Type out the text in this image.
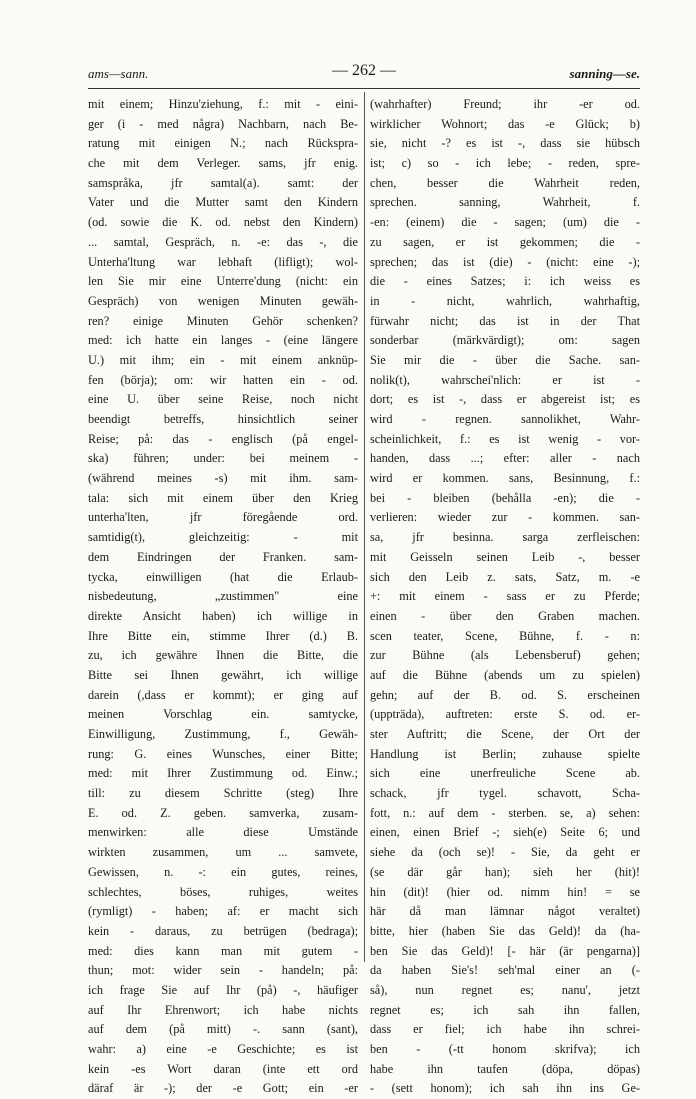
ams—sann.	— 262 —	sanning—se.
mit einem; Hinzu'ziehung, f.: mit - eini-
ger (i - med några) Nachbarn, nach Be-
ratung mit einigen N.; nach Rückspra-
che mit dem Verleger. sams, jfr enig.
samspråka, jfr samtal(a). samt: der
Vater und die Mutter samt den Kindern
(od. sowie die K. od. nebst den Kindern)
... samtal, Gespräch, n. -e: das -, die
Unterha'ltung war lebhaft (lifligt); wol-
len Sie mir eine Unterre'dung (nicht: ein
Gespräch) von wenigen Minuten gewäh-
ren? einige Minuten Gehör schenken?
med: ich hatte ein langes - (eine längere
U.) mit ihm; ein - mit einem anknüp-
fen (börja); om: wir hatten ein - od.
eine U. über seine Reise, noch nicht
beendigt betreffs, hinsichtlich seiner
Reise; på: das - englisch (på engel-
ska) führen; under: bei meinem -
(während meines -s) mit ihm. sam-
tala: sich mit einem über den Krieg
unterha'lten, jfr föregående ord.
samtidig(t), gleichzeitig: - mit
dem Eindringen der Franken. sam-
tycka, einwilligen (hat die Erlaub-
nisbedeutung, „zustimmen" eine
direkte Ansicht haben) ich willige in
Ihre Bitte ein, stimme Ihrer (d.) B.
zu, ich gewähre Ihnen die Bitte, die
Bitte sei Ihnen gewährt, ich willige
darein (,dass er kommt); er ging auf
meinen Vorschlag ein. samtycke,
Einwilligung, Zustimmung, f., Gewäh-
rung: G. eines Wunsches, einer Bitte;
med: mit Ihrer Zustimmung od. Einw.;
till: zu diesem Schritte (steg) Ihre
E. od. Z. geben. samverka, zusam-
menwirken: alle diese Umstände
wirkten zusammen, um ... samvete,
Gewissen, n. -: ein gutes, reines,
schlechtes, böses, ruhiges, weites
(rymligt) - haben; af: er macht sich
kein - daraus, zu betrügen (bedraga);
med: dies kann man mit gutem -
thun; mot: wider sein - handeln; på:
ich frage Sie auf Ihr (på) -, häufiger
auf Ihr Ehrenwort; ich habe nichts
auf dem (på mitt) -. sann (sant),
wahr: a) eine -e Geschichte; es ist
kein -es Wort daran (inte ett ord
däraf är -); der -e Gott; ein -er
(wahrhafter) Freund; ihr -er od.
wirklicher Wohnort; das -e Glück; b)
sie, nicht -? es ist -, dass sie hübsch
ist; c) so - ich lebe; - reden, spre-
chen, besser die Wahrheit reden,
sprechen. sanning, Wahrheit, f.
-en: (einem) die - sagen; (um) die -
zu sagen, er ist gekommen; die -
sprechen; das ist (die) - (nicht: eine -);
die - eines Satzes; i: ich weiss es
in - nicht, wahrlich, wahrhaftig,
fürwahr nicht; das ist in der That
sonderbar (märkvärdigt); om: sagen
Sie mir die - über die Sache. san-
nolik(t), wahrschei'nlich: er ist -
dort; es ist -, dass er abgereist ist; es
wird - regnen. sannolikhet, Wahr-
scheinlichkeit, f.: es ist wenig - vor-
handen, dass ...; efter: aller - nach
wird er kommen. sans, Besinnung, f.:
bei - bleiben (behålla -en); die -
verlieren: wieder zur - kommen. san-
sa, jfr besinna. sarga zerfleischen:
mit Geisseln seinen Leib -, besser
sich den Leib z. sats, Satz, m. -e
+: mit einem - sass er zu Pferde;
einen - über den Graben machen.
scen teater, Scene, Bühne, f. - n:
zur Bühne (als Lebensberuf) gehen;
auf die Bühne (abends um zu spielen)
gehn; auf der B. od. S. erscheinen
(uppträda), auftreten: erste S. od. er-
ster Auftritt; die Scene, der Ort der
Handlung ist Berlin; zuhause spielte
sich eine unerfreuliche Scene ab.
schack, jfr tygel. schavott, Scha-
fott, n.: auf dem - sterben. se, a) sehen:
einen, einen Brief -; sieh(e) Seite 6; und
siehe da (och se)! - Sie, da geht er
(se där går han); sieh her (hit)!
hin (dit)! (hier od. nimm hin! = se
här då man lämnar något veraltet)
bitte, hier (haben Sie das Geld)! da (ha-
ben Sie das Geld)! [- här (är pengarna)]
da haben Sie's! seh'mal einer an (-
så), nun regnet es; nanu', jetzt
regnet es; ich sah ihn fallen,
dass er fiel; ich habe ihn schrei-
ben - (-tt honom skrifva); ich
habe ihn taufen (döpa, döpas)
- (sett honom); ich sah ihn ins Ge-
